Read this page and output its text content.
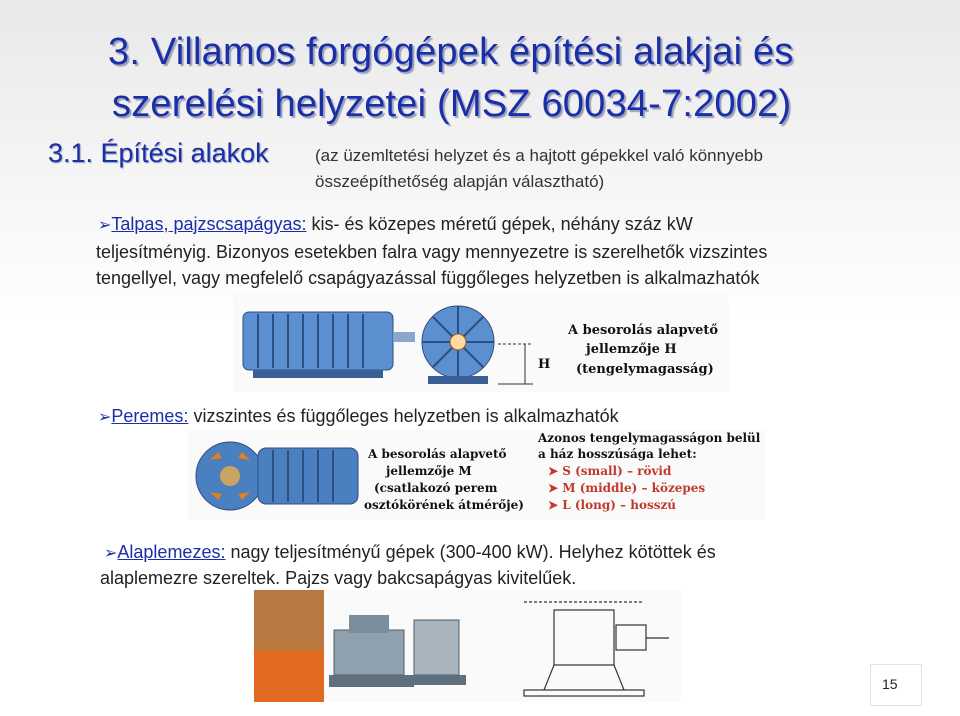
3. Villamos forgógépek építési alakjai és
szerelési helyzetei (MSZ 60034-7:2002)
3.1. Építési alakok	(az üzemltetési helyzet és a hajtott gépekkel való könnyebb
összeépíthetőség alapján választható)
➢Talpas, pajzscsapágyas: kis- és közepes méretű gépek, néhány száz kW
teljesítményig. Bizonyos esetekben falra vagy mennyezetre is szerelhetők vizszintes
tengellyel, vagy megfelelő csapágyazással függőleges helyzetben is alkalmazhatók
H
A besorolás alapvető
jellemzője H
(tengelymagasság)
➢Peremes: vizszintes és függőleges helyzetben is alkalmazhatók
A besorolás alapvető
jellemzője M
(csatlakozó perem
osztókörének átmérője)
Azonos tengelymagasságon belül
a ház hosszúsága lehet:
➤ S (small) – rövid
➤ M (middle) – közepes
➤ L (long) – hosszú
➢Alaplemezes: nagy teljesítményű gépek (300-400 kW). Helyhez kötöttek és
alaplemezre szereltek. Pajzs vagy bakcsapágyas kivitelűek.
15
